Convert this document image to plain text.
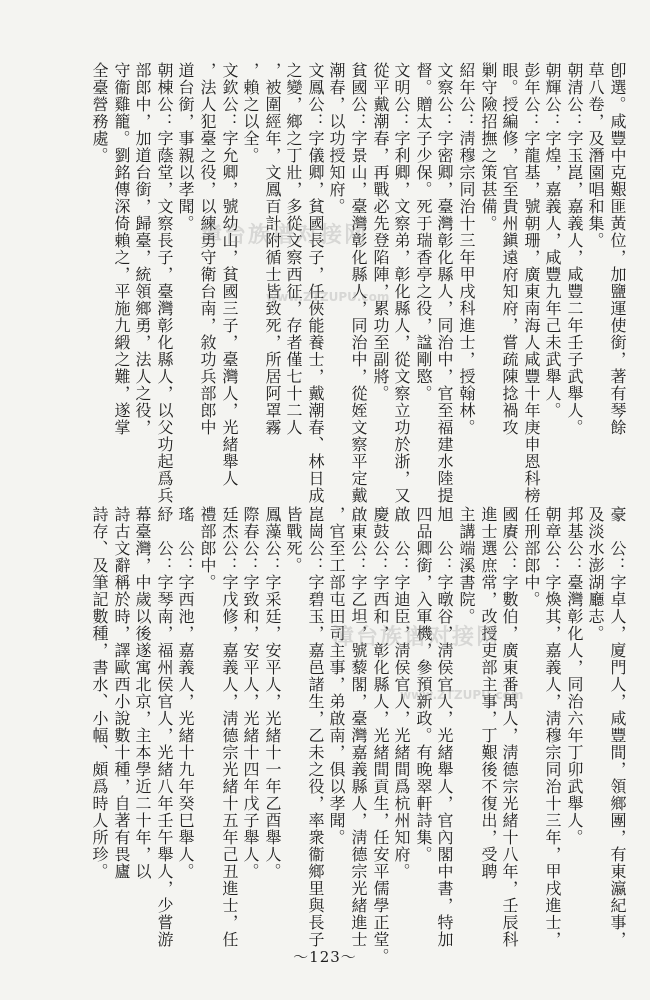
卽選。咸豐中克艱匪黃位，加鹽運使銜，著有琴餘
草八卷，及潛園唱和集。
朝清公：字玉崑，嘉義人，咸豐二年壬子武舉人。
朝輝公：字煌，嘉義人，咸豐九年己未武舉人。
彭年公：字龍基，號朝珊，廣東南海人咸豐十年庚申恩科榜
眼。授編修，官至貴州鎭遠府知府，嘗疏陳捻禍攻
剿守險招撫之策甚備。
紹年公：淸穆宗同治十三年甲戌科進士，授翰林。
文察公：字密卿，臺灣彰化縣人，同治中，官至福建水陸提
督。贈太子少保。死于瑞香亭之役，諡剛愍。
文明公：字利卿，文察弟，彰化縣人，從文察立功於浙，又
從平戴潮春，再戰必先登陷陣，累功至副將。
貧國公：字景山，臺灣彰化縣人，同治中，從姪文察平定戴
潮春，以功授知府。
文鳳公：字儀卿，貧國長子，任俠能養士，戴潮春、林日成
之變，鄉之丁壯，多從文察西征，存者僅七十二人
，被圍經年，文鳳百計附循士皆致死，所居阿罩霧
，賴之以全。
文欽公：字允卿，號幼山，貧國三子，臺灣人，光緒舉人
，法人犯臺之役，以練勇守衛台南，敘功兵部郎中
道台銜，事親以孝聞。
朝棟公：字蔭堂，文察長子，臺灣彰化縣人，以父功起爲兵
部郎中，加道台銜，歸臺，統領鄉勇，法人之役，
守衞雞籠。劉銘傳深倚賴之，平施九緞之難，遂掌
全臺營務處。
豪　公：字卓人，廈門人，咸豐間，領鄉團，有東瀛紀事，
及淡水澎湖廳志。
邦基公：臺灣彰化人，同治六年丁卯武舉人。
朝章公：字煥其，嘉義人，淸穆宗同治十三年，甲戌進士，
任刑部郎中。
國賡公：字數伯，廣東番禺人，淸德宗光緒十八年，壬辰科
進士選庶常，改授吏部主事，丁艱後不復出，受聘
主講端溪書院。
旭　公：字暾谷，淸侯官人，光緒舉人，官內閣中書，特加
四品卿銜，入軍機，參預新政。有晚翠軒詩集。
啟　公：字迪臣，淸侯官人，光緒間爲杭州知府。
慶鼓公：字西和，彰化縣人，光緒間貢生，任安平儒學正堂。
啟東公：字乙坦，號藜閣，臺灣嘉義縣人，淸德宗光緒進士
，官至工部屯田司主事，弟啟南，俱以孝聞。
崑崗公：字碧玉，嘉邑諸生，乙未之役，率衆衞鄉里與長子
皆戰死。
鳳藻公：字采廷，安平人，光緒十一年乙酉舉人。
際春公：字致和，安平人，光緒十四年戊子舉人。
廷杰公：字戊修，嘉義人，淸德宗光緒十五年己丑進士，任
禮部郎中。
瑤　公：字西池，嘉義人，光緒十九年癸巳舉人。
紓　公：字琴南，福州侯官人，光緒八年壬午舉人，少嘗游
幕臺灣，中歲以後遂寓北京，主本學近二十年，以
詩古文辭稱於時，譯歐西小說數十種，自著有畏廬
詩存、及筆記數種，書水、小幅、頗爲時人所珍。
漳台族谱对接网
www.ZTZUPU.com
漳台族谱对接网
www.ZTZUPU.com
～123～
